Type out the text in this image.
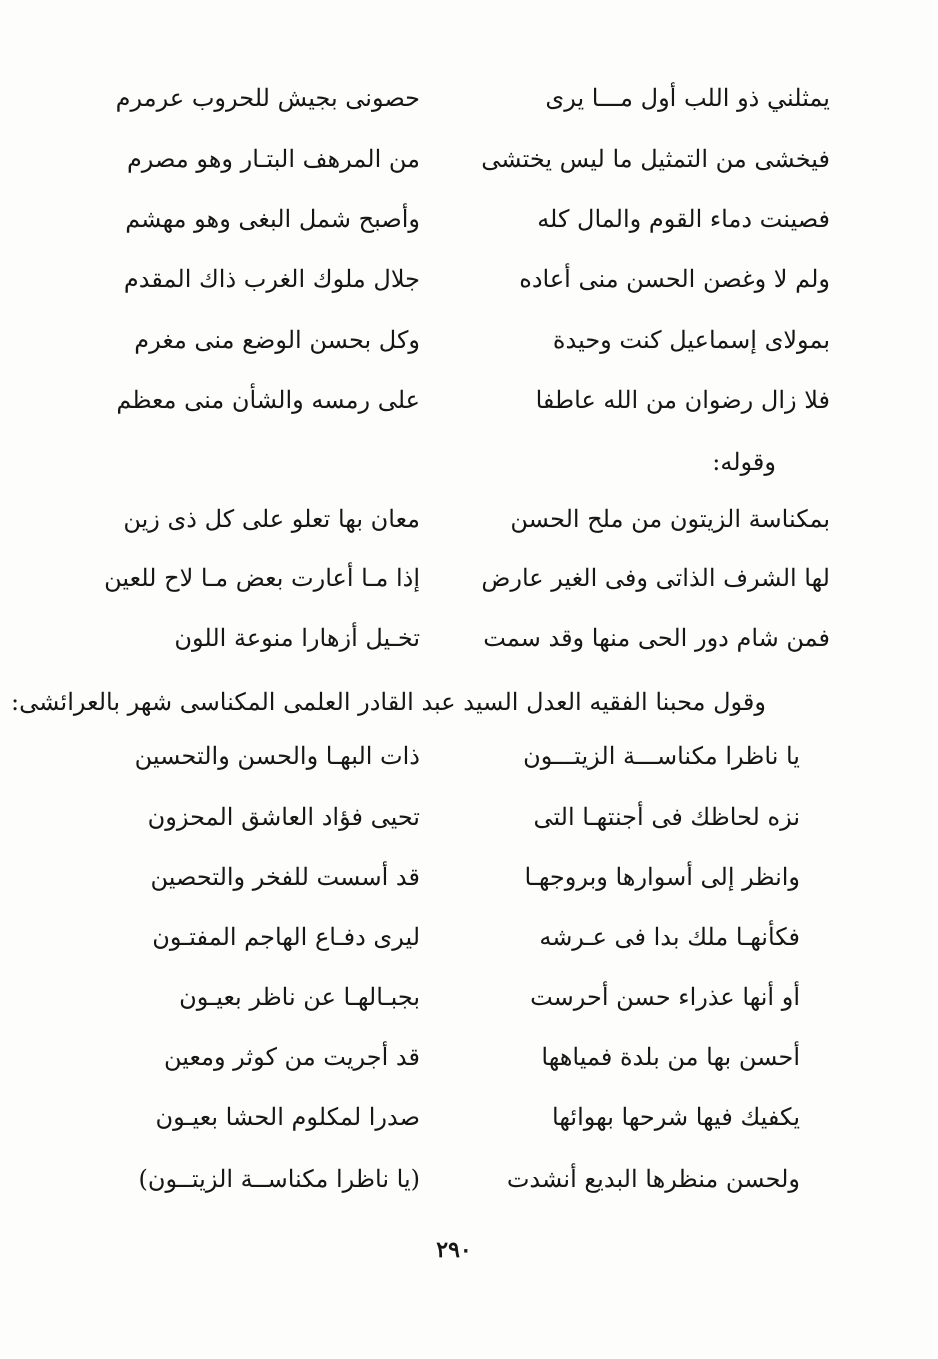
يمثلني ذو اللب أول مـــا يرى
حصونى بجيش للحروب عرمرم
فيخشى من التمثيل ما ليس يختشى
من المرهف البتـار وهو مصرم
فصينت دماء القوم والمال كله
وأصبح شمل البغى وهو مهشم
ولم لا وغصن الحسن منى أعاده
جلال ملوك الغرب ذاك المقدم
بمولاى إسماعيل كنت وحيدة
وكل بحسن الوضع منى مغرم
فلا زال رضوان من الله عاطفا
على رمسه والشأن منى معظم
وقوله:
بمكناسة الزيتون من ملح الحسن
معان بها تعلو على كل ذى زين
لها الشرف الذاتى وفى الغير عارض
إذا مـا أعارت بعض مـا لاح للعين
فمن شام دور الحى منها وقد سمت
تخـيل أزهارا منوعة اللون
وقول محبنا الفقيه العدل السيد عبد القادر العلمى المكناسى شهر بالعرائشى:
يا ناظرا مكناســـة الزيتـــون
ذات البهـا والحسن والتحسين
نزه لحاظك فى أجنتهـا التى
تحيى فؤاد العاشق المحزون
وانظر إلى أسوارها وبروجهـا
قد أسست للفخر والتحصين
فكأنهـا ملك بدا فى عـرشه
ليرى دفـاع الهاجم المفتـون
أو أنها عذراء حسن أحرست
بجبـالهـا عن ناظر بعيـون
أحسن بها من بلدة فمياهها
قد أجريت من كوثر ومعين
يكفيك فيها شرحها بهوائها
صدرا لمكلوم الحشا بعيـون
ولحسن منظرها البديع أنشدت
(يا ناظرا مكناســة الزيتــون)
٢٩٠
